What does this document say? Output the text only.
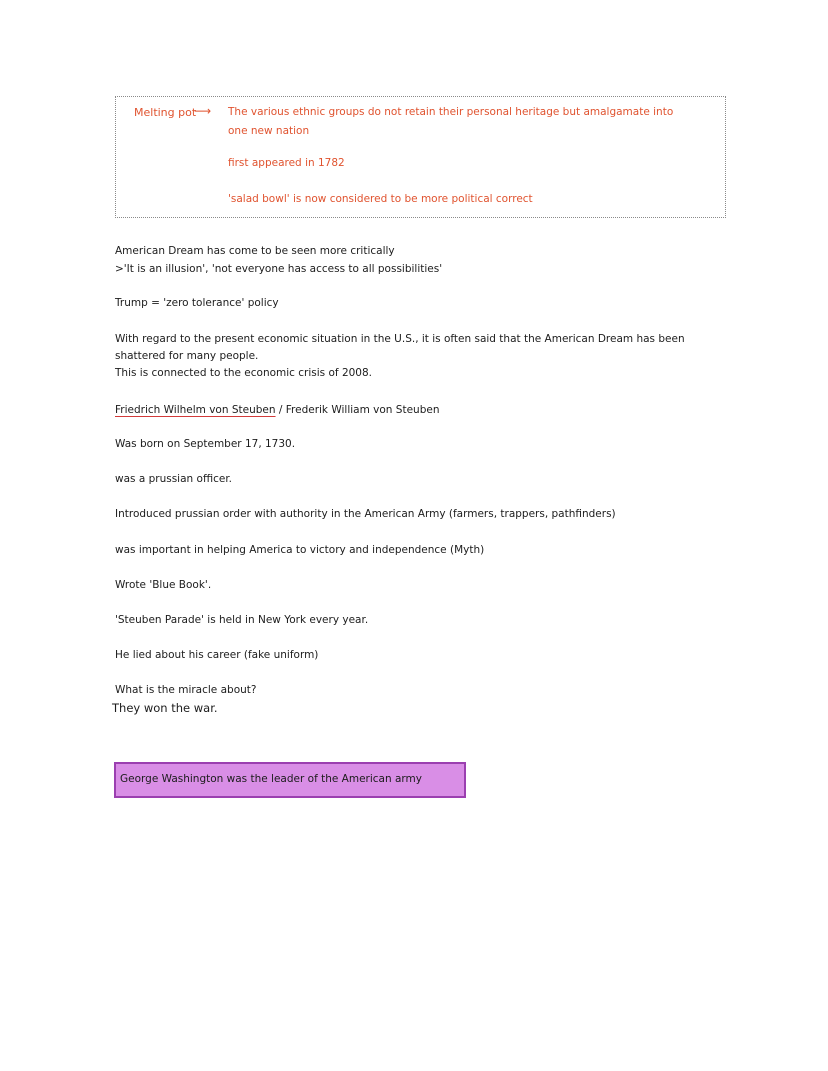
Melting pot
⟶ The various ethnic groups do not retain their personal heritage but amalgamate into
one new nation
first appeared in 1782
'salad bowl' is now considered to be more political correct
American Dream has come to be seen more critically
>'It is an illusion', 'not everyone has access to all possibilities'
Trump = 'zero tolerance' policy
With regard to the present economic situation in the U.S., it is often said that the American Dream has been
shattered for many people.
This is connected to the economic crisis of 2008.
Friedrich Wilhelm von Steuben / Frederik William von Steuben
Was born on September 17, 1730.
was a prussian officer.
Introduced prussian order with authority in the American Army (farmers, trappers, pathfinders)
was important in helping America to victory and independence (Myth)
Wrote 'Blue Book'.
'Steuben Parade' is held in New York every year.
He lied about his career (fake uniform)
What is the miracle about?
They won the war.
George Washington was the leader of the American army
